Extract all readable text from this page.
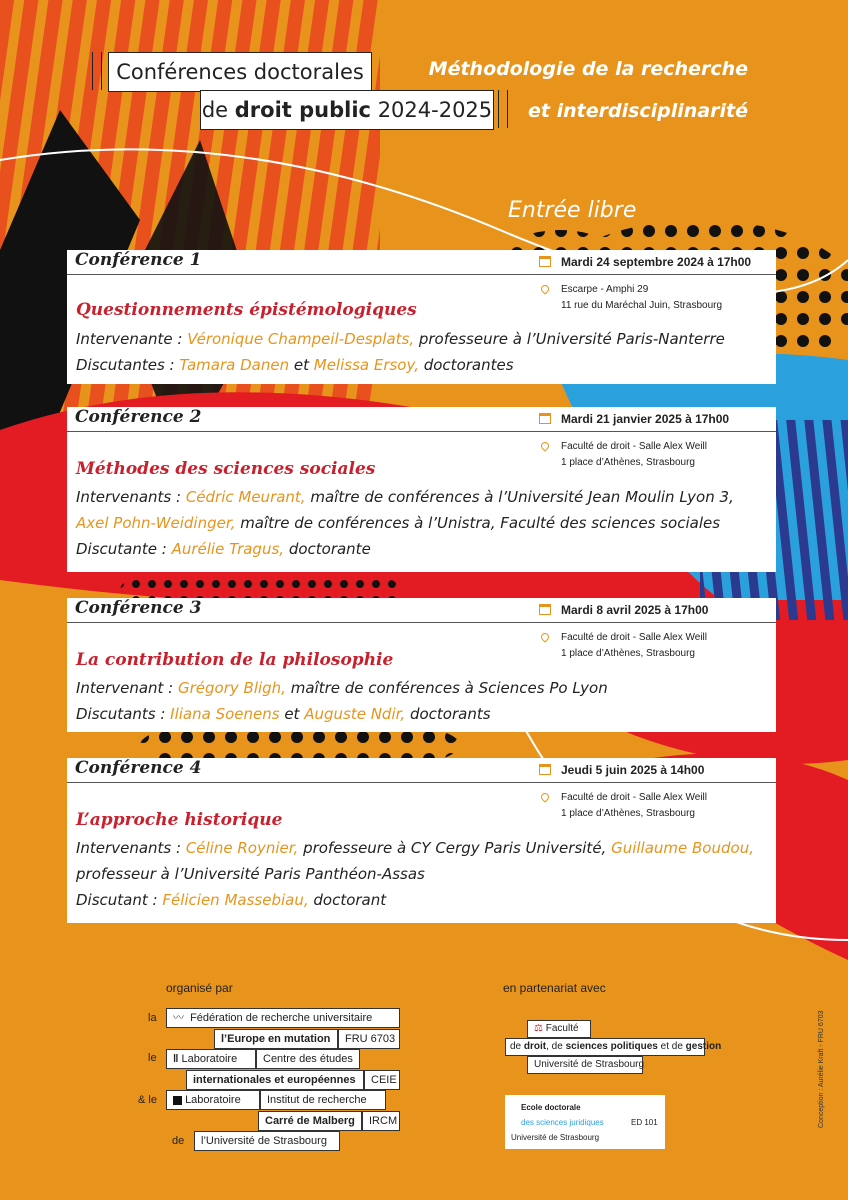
Conférences doctorales
de droit public 2024-2025
Méthodologie de la recherche
et interdisciplinarité
Entrée libre
Conférence 1	Mardi 24 septembre 2024 à 17h00
Escarpe - Amphi 29
11 rue du Maréchal Juin, Strasbourg
Questionnements épistémologiques
Intervenante : Véronique Champeil-Desplats, professeure à l’Université Paris-Nanterre
Discutantes : Tamara Danen et Melissa Ersoy, doctorantes
Conférence 2	Mardi 21 janvier 2025 à 17h00
Faculté de droit - Salle Alex Weill
1 place d’Athènes, Strasbourg
Méthodes des sciences sociales
Intervenants : Cédric Meurant, maître de conférences à l’Université Jean Moulin Lyon 3,
Axel Pohn-Weidinger, maître de conférences à l’Unistra, Faculté des sciences sociales
Discutante : Aurélie Tragus, doctorante
Conférence 3	Mardi 8 avril 2025 à 17h00
Faculté de droit - Salle Alex Weill
1 place d’Athènes, Strasbourg
La contribution de la philosophie
Intervenant : Grégory Bligh, maître de conférences à Sciences Po Lyon
Discutants : Iliana Soenens et Auguste Ndir, doctorants
Conférence 4	Jeudi 5 juin 2025 à 14h00
Faculté de droit - Salle Alex Weill
1 place d’Athènes, Strasbourg
L’approche historique
Intervenants : Céline Roynier, professeure à CY Cergy Paris Université, Guillaume Boudou,
professeur à l’Université Paris Panthéon-Assas
Discutant : Félicien Massebiau, doctorant
organisé par	en partenariat avec
la	〰 Fédération de recherche universitaire
l’Europe en mutation	FRU 6703
le	‖ Laboratoire	Centre des études
internationales et européennes	CEIE
& le	Laboratoire	Institut de recherche
Carré de Malberg	IRCM
de	l’Université de Strasbourg
⚖ Faculté
de droit, de sciences politiques et de gestion
Université de Strasbourg
Ecole doctorale
des sciences juridiques	ED 101
Université de Strasbourg
Conception : Aurélie Kraft - FRU 6703
